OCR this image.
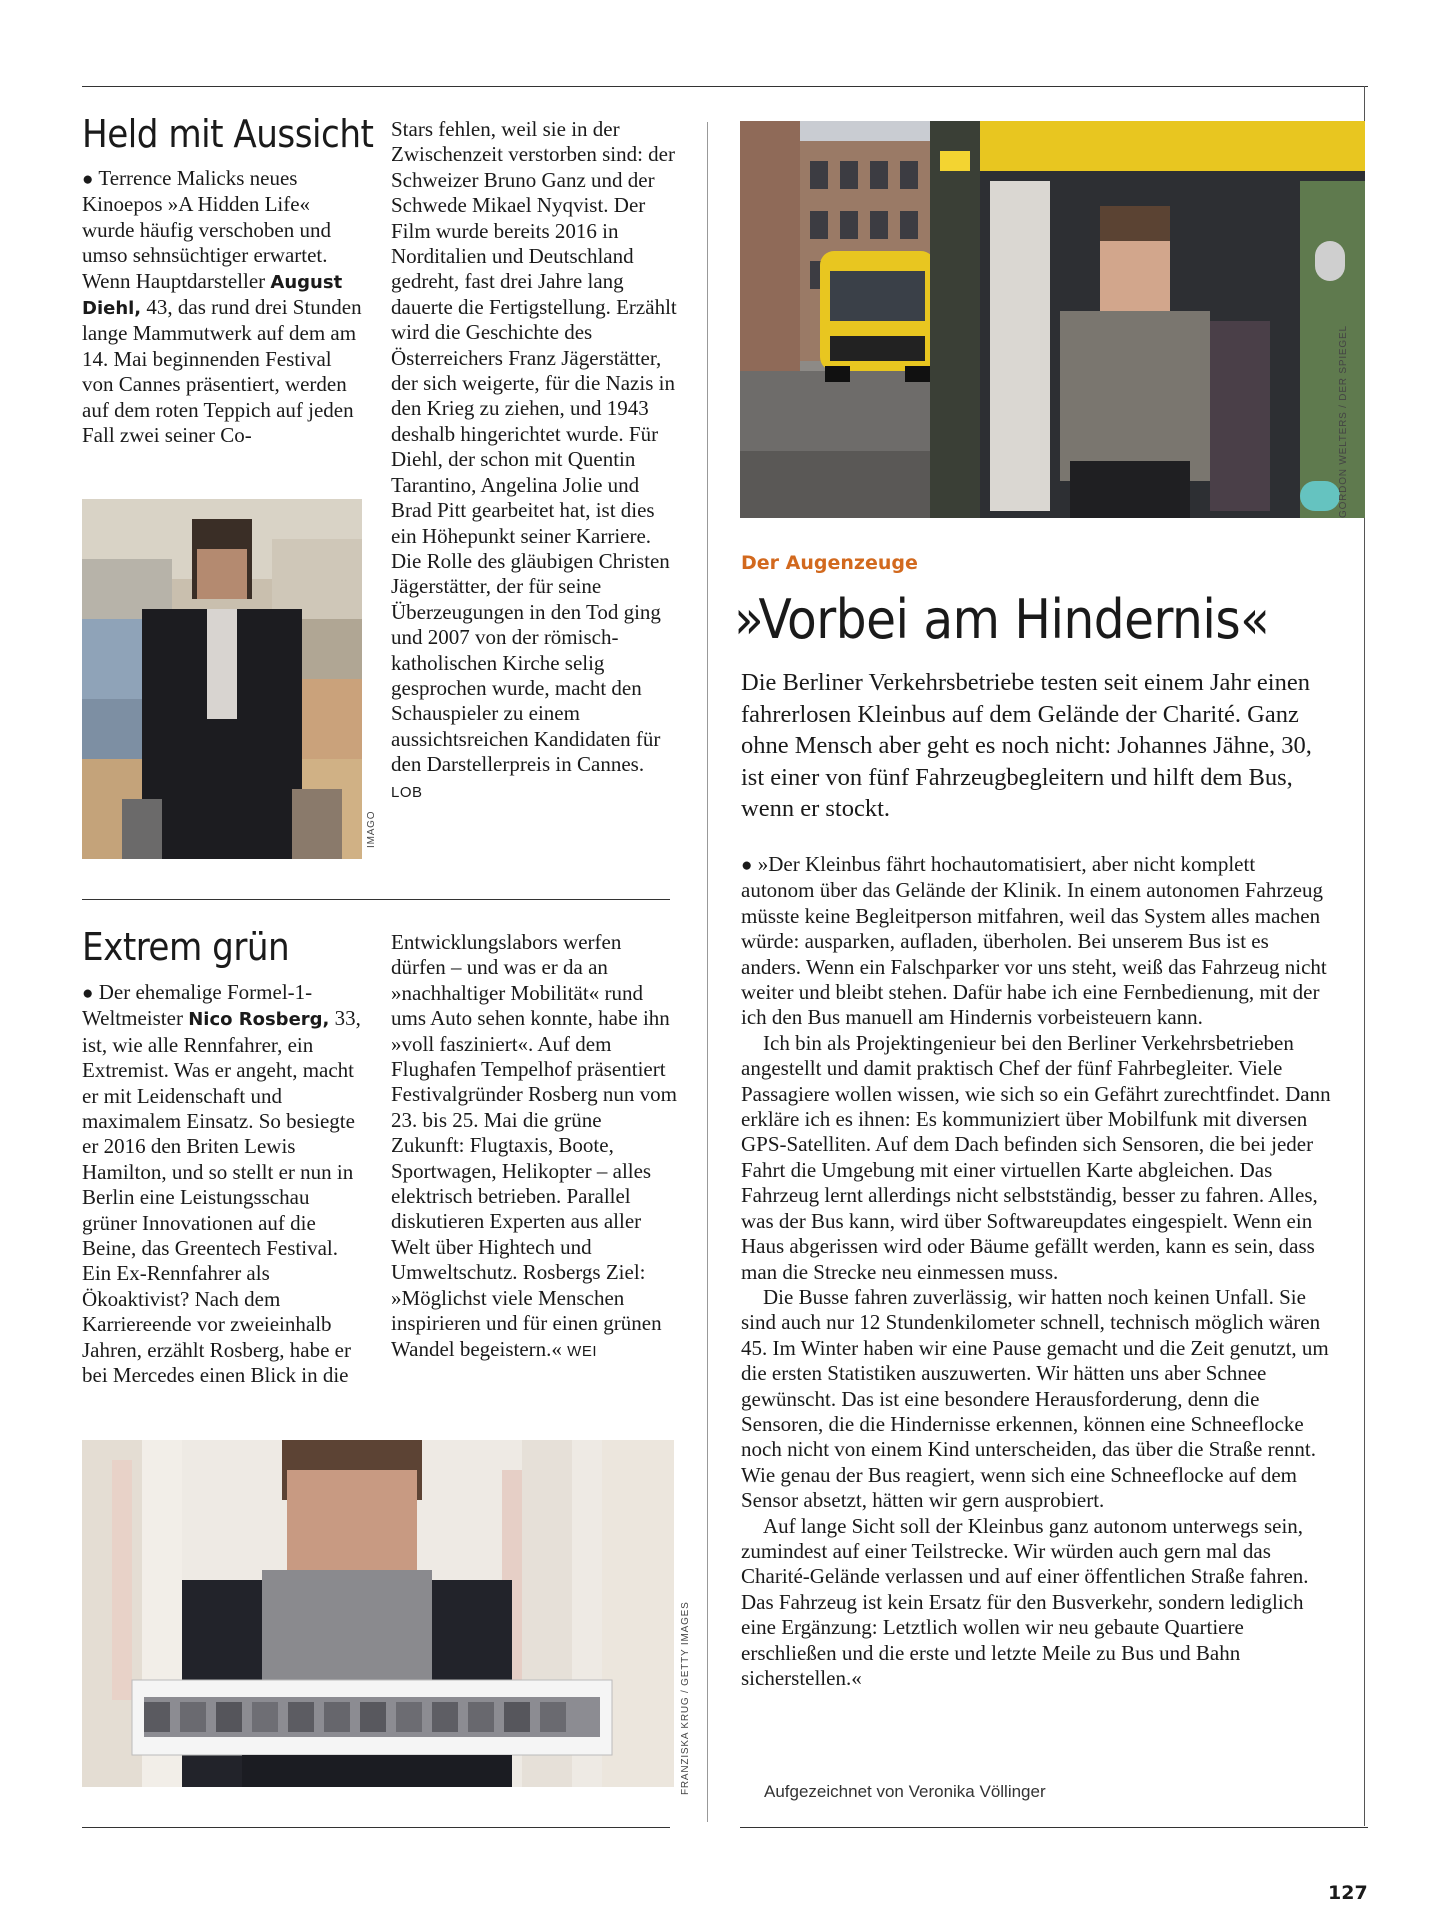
Held mit Aussicht
● Terrence Malicks neues Kinoepos »A Hidden Life« wurde häufig verschoben und umso sehnsüchtiger erwartet. Wenn Hauptdarsteller August Diehl, 43, das rund drei Stunden lange Mammutwerk auf dem am 14. Mai beginnenden Festival von Cannes präsentiert, werden auf dem roten Teppich auf jeden Fall zwei seiner Co-
Stars fehlen, weil sie in der Zwischenzeit verstorben sind: der Schweizer Bruno Ganz und der Schwede Mikael Nyqvist. Der Film wurde bereits 2016 in Norditalien und Deutschland gedreht, fast drei Jahre lang dauerte die Fertigstellung. Erzählt wird die Geschichte des Österreichers Franz Jägerstätter, der sich weigerte, für die Nazis in den Krieg zu ziehen, und 1943 deshalb hingerichtet wurde. Für Diehl, der schon mit Quentin Tarantino, Angelina Jolie und Brad Pitt gearbeitet hat, ist dies ein Höhepunkt seiner Karriere. Die Rolle des gläubigen Christen Jägerstätter, der für seine Überzeugungen in den Tod ging und 2007 von der römisch-katholischen Kirche selig gesprochen wurde, macht den Schauspieler zu einem aussichtsreichen Kandidaten für den Darstellerpreis in Cannes. LOB
IMAGO
Extrem grün
● Der ehemalige Formel-1-Weltmeister Nico Rosberg, 33, ist, wie alle Rennfahrer, ein Extremist. Was er angeht, macht er mit Leidenschaft und maximalem Einsatz. So besiegte er 2016 den Briten Lewis Hamilton, und so stellt er nun in Berlin eine Leistungsschau grüner Innovationen auf die Beine, das Greentech Festival. Ein Ex-Rennfahrer als Ökoaktivist? Nach dem Karriereende vor zweieinhalb Jahren, erzählt Rosberg, habe er bei Mercedes einen Blick in die
Entwicklungslabors werfen dürfen – und was er da an »nachhaltiger Mobilität« rund ums Auto sehen konnte, habe ihn »voll fasziniert«. Auf dem Flughafen Tempelhof präsentiert Festivalgründer Rosberg nun vom 23. bis 25. Mai die grüne Zukunft: Flugtaxis, Boote, Sportwagen, Helikopter – alles elektrisch betrieben. Parallel diskutieren Experten aus aller Welt über Hightech und Umweltschutz. Rosbergs Ziel: »Möglichst viele Menschen inspirieren und für einen grünen Wandel begeistern.« WEI
FRANZISKA KRUG / GETTY IMAGES
GORDON WELTERS / DER SPIEGEL
Der Augenzeuge
»Vorbei am Hindernis«

Die Berliner Verkehrsbetriebe testen seit einem Jahr einen fahrerlosen Kleinbus auf dem Gelände der Charité. Ganz ohne Mensch aber geht es noch nicht: Johannes Jähne, 30, ist einer von fünf Fahrzeugbegleitern und hilft dem Bus, wenn er stockt.

● »Der Kleinbus fährt hochautomatisiert, aber nicht komplett autonom über das Gelände der Klinik. In einem autonomen Fahrzeug müsste keine Begleitperson mitfahren, weil das System alles machen würde: ausparken, aufladen, überholen. Bei unserem Bus ist es anders. Wenn ein Falschparker vor uns steht, weiß das Fahrzeug nicht weiter und bleibt stehen. Dafür habe ich eine Fernbedienung, mit der ich den Bus manuell am Hindernis vorbeisteuern kann.

Ich bin als Projektingenieur bei den Berliner Verkehrsbetrieben angestellt und damit praktisch Chef der fünf Fahrbegleiter. Viele Passagiere wollen wissen, wie sich so ein Gefährt zurechtfindet. Dann erkläre ich es ihnen: Es kommuniziert über Mobilfunk mit diversen GPS-Satelliten. Auf dem Dach befinden sich Sensoren, die bei jeder Fahrt die Umgebung mit einer virtuellen Karte abgleichen. Das Fahrzeug lernt allerdings nicht selbstständig, besser zu fahren. Alles, was der Bus kann, wird über Softwareupdates eingespielt. Wenn ein Haus abgerissen wird oder Bäume gefällt werden, kann es sein, dass man die Strecke neu einmessen muss.

Die Busse fahren zuverlässig, wir hatten noch keinen Unfall. Sie sind auch nur 12 Stundenkilometer schnell, technisch möglich wären 45. Im Winter haben wir eine Pause gemacht und die Zeit genutzt, um die ersten Statistiken auszuwerten. Wir hätten uns aber Schnee gewünscht. Das ist eine besondere Herausforderung, denn die Sensoren, die die Hindernisse erkennen, können eine Schneeflocke noch nicht von einem Kind unterscheiden, das über die Straße rennt. Wie genau der Bus reagiert, wenn sich eine Schneeflocke auf dem Sensor absetzt, hätten wir gern ausprobiert.

Auf lange Sicht soll der Kleinbus ganz autonom unterwegs sein, zumindest auf einer Teilstrecke. Wir würden auch gern mal das Charité-Gelände verlassen und auf einer öffentlichen Straße fahren. Das Fahrzeug ist kein Ersatz für den Busverkehr, sondern lediglich eine Ergänzung: Letztlich wollen wir neu gebaute Quartiere erschließen und die erste und letzte Meile zu Bus und Bahn sicherstellen.«

Aufgezeichnet von Veronika Völlinger
127
